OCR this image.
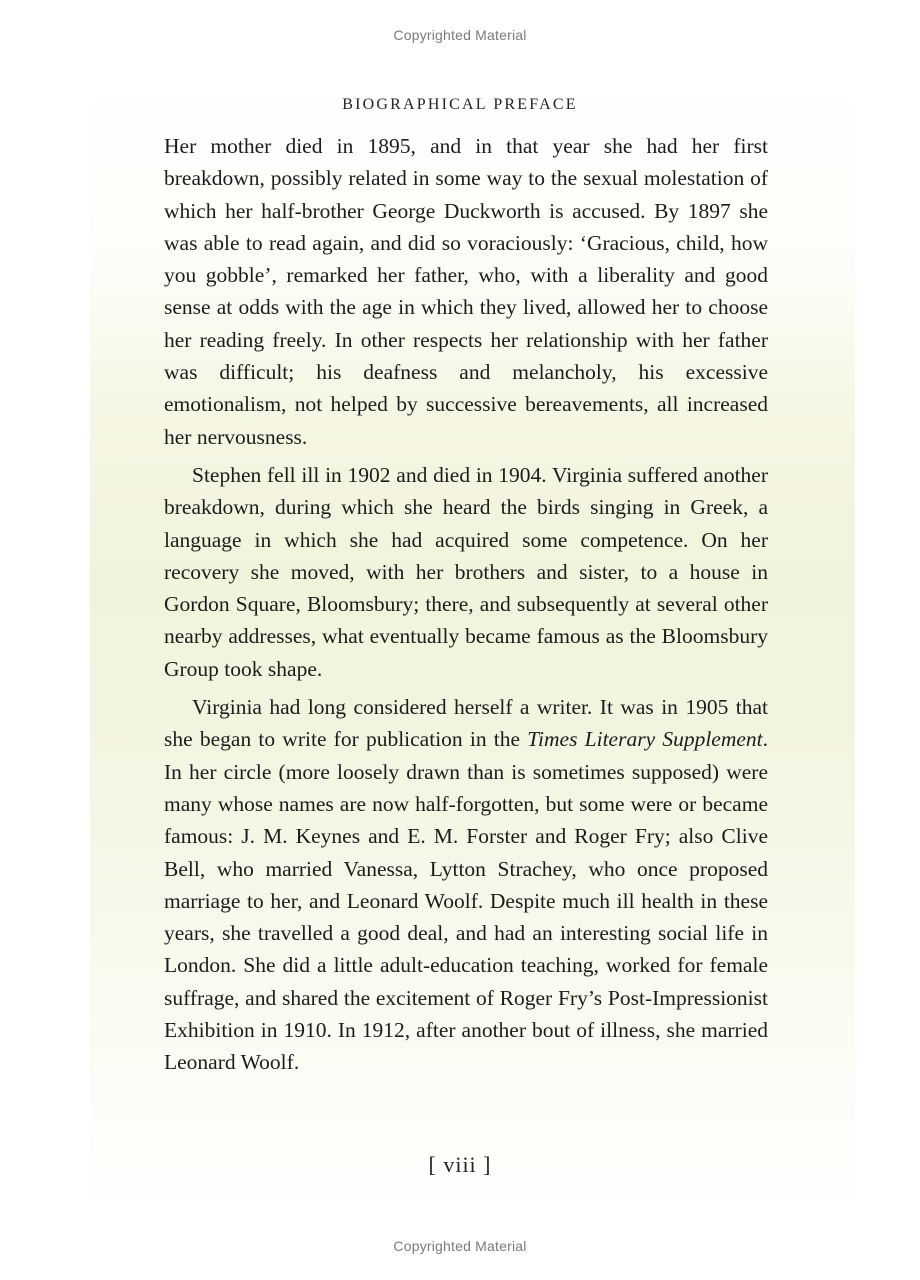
Copyrighted Material
BIOGRAPHICAL PREFACE

Her mother died in 1895, and in that year she had her first breakdown, possibly related in some way to the sexual molestation of which her half-brother George Duckworth is accused. By 1897 she was able to read again, and did so voraciously: ‘Gracious, child, how you gobble’, remarked her father, who, with a liberality and good sense at odds with the age in which they lived, allowed her to choose her reading freely. In other respects her relationship with her father was difficult; his deafness and melancholy, his excessive emotionalism, not helped by successive bereavements, all increased her nervousness.

Stephen fell ill in 1902 and died in 1904. Virginia suffered another breakdown, during which she heard the birds singing in Greek, a language in which she had acquired some competence. On her recovery she moved, with her brothers and sister, to a house in Gordon Square, Bloomsbury; there, and subsequently at several other nearby addresses, what eventually became famous as the Bloomsbury Group took shape.

Virginia had long considered herself a writer. It was in 1905 that she began to write for publication in the Times Literary Supplement. In her circle (more loosely drawn than is sometimes supposed) were many whose names are now half-forgotten, but some were or became famous: J. M. Keynes and E. M. Forster and Roger Fry; also Clive Bell, who married Vanessa, Lytton Strachey, who once proposed marriage to her, and Leonard Woolf. Despite much ill health in these years, she travelled a good deal, and had an interesting social life in London. She did a little adult-education teaching, worked for female suffrage, and shared the excitement of Roger Fry’s Post-Impressionist Exhibition in 1910. In 1912, after another bout of illness, she married Leonard Woolf.

[ viii ]
Copyrighted Material
